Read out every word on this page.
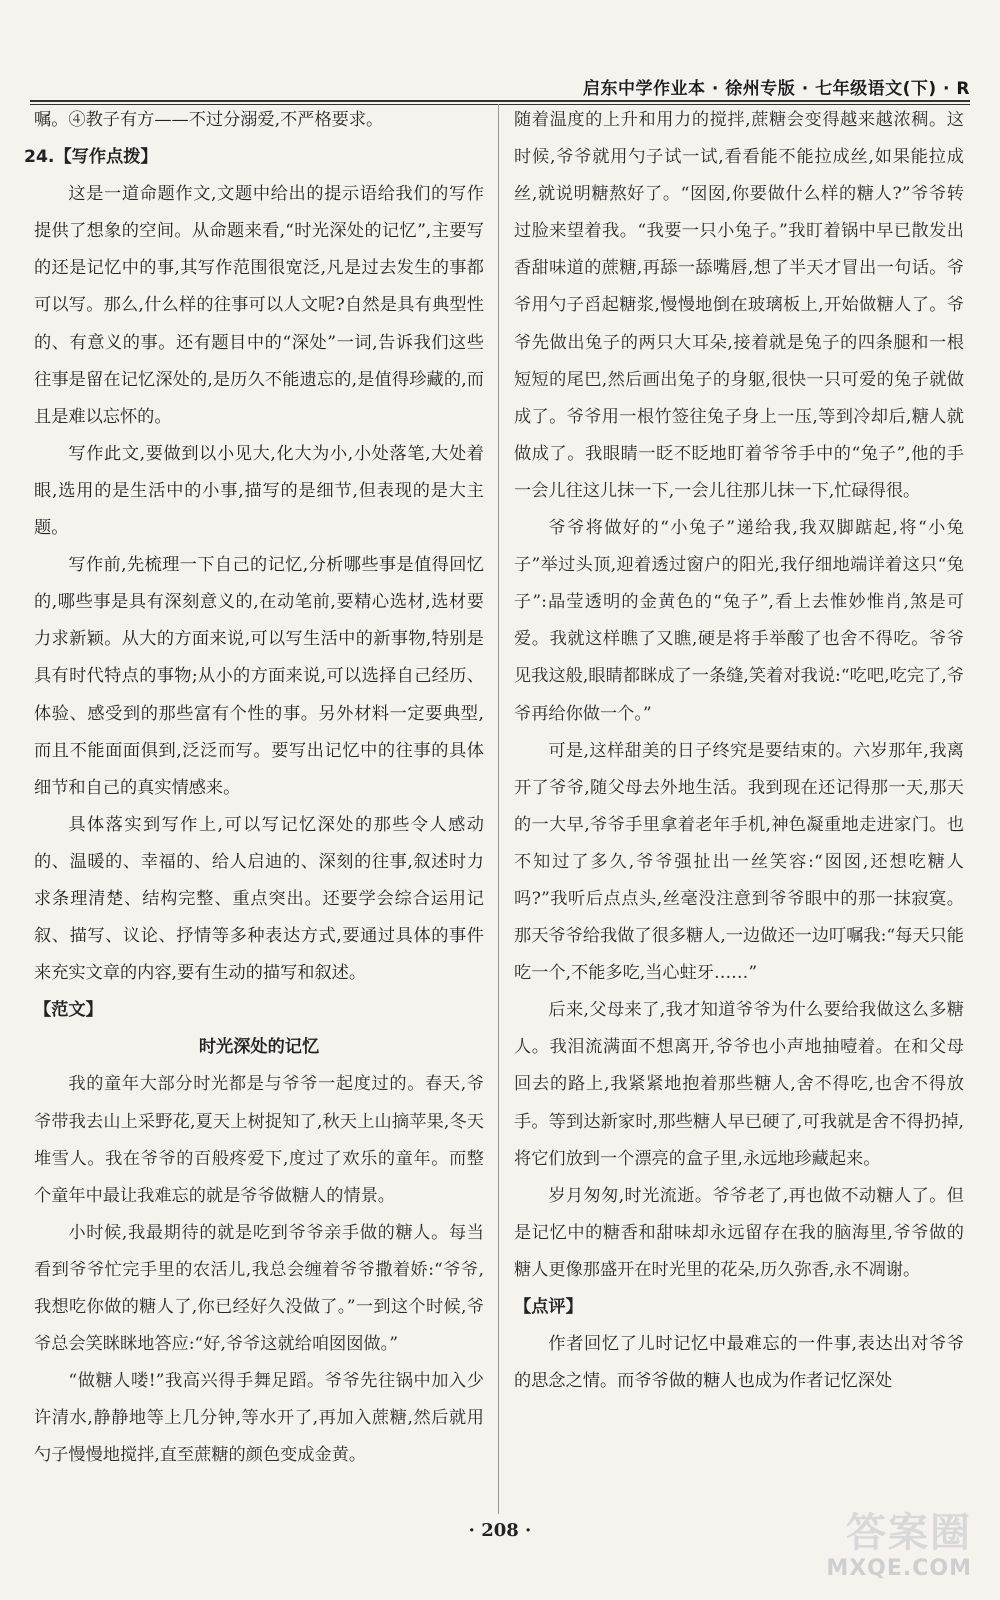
启东中学作业本 · 徐州专版 · 七年级语文(下) · R

嘱。④教子有方——不过分溺爱,不严格要求。

24.【写作点拨】

这是一道命题作文,文题中给出的提示语给我们的写作提供了想象的空间。从命题来看,“时光深处的记忆”,主要写的还是记忆中的事,其写作范围很宽泛,凡是过去发生的事都可以写。那么,什么样的往事可以人文呢?自然是具有典型性的、有意义的事。还有题目中的“深处”一词,告诉我们这些往事是留在记忆深处的,是历久不能遗忘的,是值得珍藏的,而且是难以忘怀的。

写作此文,要做到以小见大,化大为小,小处落笔,大处着眼,选用的是生活中的小事,描写的是细节,但表现的是大主题。

写作前,先梳理一下自己的记忆,分析哪些事是值得回忆的,哪些事是具有深刻意义的,在动笔前,要精心选材,选材要力求新颖。从大的方面来说,可以写生活中的新事物,特别是具有时代特点的事物;从小的方面来说,可以选择自己经历、体验、感受到的那些富有个性的事。另外材料一定要典型,而且不能面面俱到,泛泛而写。要写出记忆中的往事的具体细节和自己的真实情感来。

具体落实到写作上,可以写记忆深处的那些令人感动的、温暖的、幸福的、给人启迪的、深刻的往事,叙述时力求条理清楚、结构完整、重点突出。还要学会综合运用记叙、描写、议论、抒情等多种表达方式,要通过具体的事件来充实文章的内容,要有生动的描写和叙述。

【范文】

时光深处的记忆

我的童年大部分时光都是与爷爷一起度过的。春天,爷爷带我去山上采野花,夏天上树捉知了,秋天上山摘苹果,冬天堆雪人。我在爷爷的百般疼爱下,度过了欢乐的童年。而整个童年中最让我难忘的就是爷爷做糖人的情景。

小时候,我最期待的就是吃到爷爷亲手做的糖人。每当看到爷爷忙完手里的农活儿,我总会缠着爷爷撒着娇:“爷爷,我想吃你做的糖人了,你已经好久没做了。”一到这个时候,爷爷总会笑眯眯地答应:“好,爷爷这就给咱囡囡做。”

“做糖人喽!”我高兴得手舞足蹈。爷爷先往锅中加入少许清水,静静地等上几分钟,等水开了,再加入蔗糖,然后就用勺子慢慢地搅拌,直至蔗糖的颜色变成金黄。

随着温度的上升和用力的搅拌,蔗糖会变得越来越浓稠。这时候,爷爷就用勺子试一试,看看能不能拉成丝,如果能拉成丝,就说明糖熬好了。“囡囡,你要做什么样的糖人?”爷爷转过脸来望着我。“我要一只小兔子。”我盯着锅中早已散发出香甜味道的蔗糖,再舔一舔嘴唇,想了半天才冒出一句话。爷爷用勺子舀起糖浆,慢慢地倒在玻璃板上,开始做糖人了。爷爷先做出兔子的两只大耳朵,接着就是兔子的四条腿和一根短短的尾巴,然后画出兔子的身躯,很快一只可爱的兔子就做成了。爷爷用一根竹签往兔子身上一压,等到冷却后,糖人就做成了。我眼睛一眨不眨地盯着爷爷手中的“兔子”,他的手一会儿往这儿抹一下,一会儿往那儿抹一下,忙碌得很。

爷爷将做好的“小兔子”递给我,我双脚踮起,将“小兔子”举过头顶,迎着透过窗户的阳光,我仔细地端详着这只“兔子”:晶莹透明的金黄色的“兔子”,看上去惟妙惟肖,煞是可爱。我就这样瞧了又瞧,硬是将手举酸了也舍不得吃。爷爷见我这般,眼睛都眯成了一条缝,笑着对我说:“吃吧,吃完了,爷爷再给你做一个。”

可是,这样甜美的日子终究是要结束的。六岁那年,我离开了爷爷,随父母去外地生活。我到现在还记得那一天,那天的一大早,爷爷手里拿着老年手机,神色凝重地走进家门。也不知过了多久,爷爷强扯出一丝笑容:“囡囡,还想吃糖人吗?”我听后点点头,丝毫没注意到爷爷眼中的那一抹寂寞。那天爷爷给我做了很多糖人,一边做还一边叮嘱我:“每天只能吃一个,不能多吃,当心蛀牙……”

后来,父母来了,我才知道爷爷为什么要给我做这么多糖人。我泪流满面不想离开,爷爷也小声地抽噎着。在和父母回去的路上,我紧紧地抱着那些糖人,舍不得吃,也舍不得放手。等到达新家时,那些糖人早已硬了,可我就是舍不得扔掉,将它们放到一个漂亮的盒子里,永远地珍藏起来。

岁月匆匆,时光流逝。爷爷老了,再也做不动糖人了。但是记忆中的糖香和甜味却永远留存在我的脑海里,爷爷做的糖人更像那盛开在时光里的花朵,历久弥香,永不凋谢。

【点评】

作者回忆了儿时记忆中最难忘的一件事,表达出对爷爷的思念之情。而爷爷做的糖人也成为作者记忆深处

· 208 ·	答案圈
MXQE.COM
